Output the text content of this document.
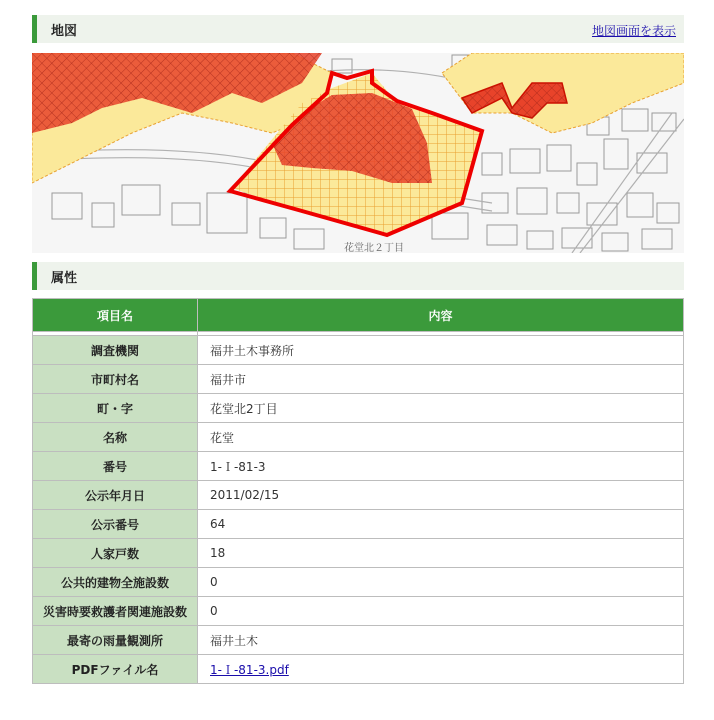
地図	地図画面を表示
花堂北２丁目
属性
項目名	内容

調査機関	福井土木事務所
市町村名	福井市
町・字	花堂北2丁目
名称	花堂
番号	1-Ｉ-81-3
公示年月日	2011/02/15
公示番号	64
人家戸数	18
公共的建物全施設数	0
災害時要救護者関連施設数	0
最寄の雨量観測所	福井土木
PDFファイル名	1-Ｉ-81-3.pdf
